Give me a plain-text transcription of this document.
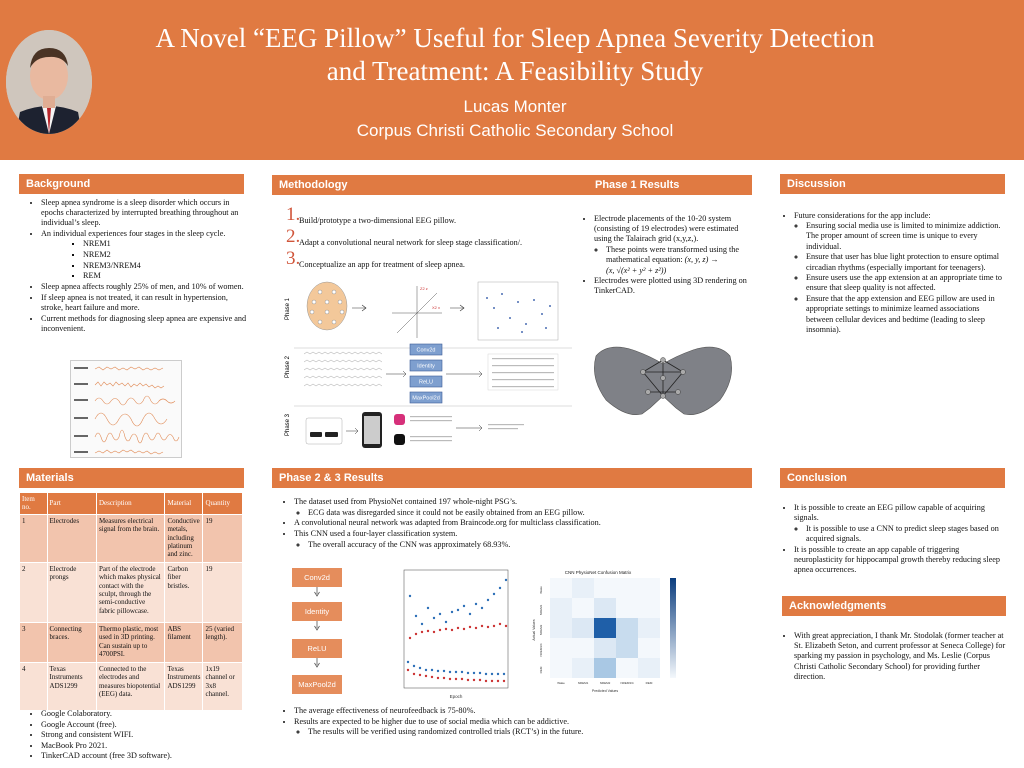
A Novel “EEG Pillow” Useful for Sleep Apnea Severity Detection
and Treatment: A Feasibility Study
Lucas Monter
Corpus Christi Catholic Secondary School
Background
• Sleep apnea syndrome is a sleep disorder which occurs in epochs characterized by interrupted breathing throughout an individual’s sleep.
• An individual experiences four stages in the sleep cycle.
▪ NREM1
▪ NREM2
▪ NREM3/NREM4
▪ REM
• Sleep apnea affects roughly 25% of men, and 10% of women.
• If sleep apnea is not treated, it can result in hypertension, stroke, heart failure and more.
• Current methods for diagnosing sleep apnea are expensive and inconvenient.
Methodology	Phase 1 Results
1.
Build/prototype a two-dimensional EEG pillow.
2.
Adapt a convolutional neural network for sleep stage classification/.
3.
Conceptualize an app for treatment of sleep apnea.
Phase 1
Phase 2
Phase 3
Z2 z
X2 x
Conv2d
Identity
ReLU
MaxPool2d
• Electrode placements of the 10-20 system (consisting of 19 electrodes) were estimated using the Talairach grid (x,y,z,).
◦ These points were transformed using the mathematical equation: (x, y, z) →
(x, √(x² + y² + z²))
• Electrodes were plotted using 3D rendering on TinkerCAD.
Discussion
• Future considerations for the app include:
◦ Ensuring social media use is limited to minimize addiction. The proper amount of screen time is unique to every individual.
◦ Ensure that user has blue light protection to ensure optimal circadian rhythms (especially important for teenagers).
◦ Ensure users use the app extension at an appropriate time to ensure that sleep quality is not affected.
◦ Ensure that the app extension and EEG pillow are used in appropriate settings to minimize learned associations between cellular devices and bedtime (leading to sleep insomnia).
Materials
Item no.	Part	Description	Material	Quantity
1	Electrodes	Measures electrical signal from the brain.	Conductive metals, including platinum and zinc.	19
2	Electrode prongs	Part of the electrode which makes physical contact with the sculpt, through the semi-conductive fabric pillowcase.	Carbon fiber bristles.	19
3	Connecting braces.	Thermo plastic, most used in 3D printing. Can sustain up to 4700PSI.	ABS filament	25 (varied length).
4	Texas Instruments ADS1299	Connected to the electrodes and measures biopotential (EEG) data.	Texas Instruments ADS1299	1x19 channel or 3x8 channel.
• Google Colaboratory.
• Google Account (free).
• Strong and consistent WIFI.
• MacBook Pro 2021.
• TinkerCAD account (free 3D software).
Phase 2 & 3 Results
• The dataset used from PhysioNet contained 197 whole-night PSG’s.
◦ ECG data was disregarded since it could not be easily obtained from an EEG pillow.
• A convolutional neural network was adapted from Braincode.org for multiclass classification.
• This CNN used a four-layer classification system.
◦ The overall accuracy of the CNN was approximately 68.93%.
Conv2d
Identity
ReLU
MaxPool2d
Epoch
CNN PhysioNet Confusion Matrix
Wake
NREM1
NREM2
NREM3/4
REM
Actual Values
Wake	NREM1	NREM2	NREM3/4	REM
Predicted Values
• The average effectiveness of neurofeedback is 75-80%.
• Results are expected to be higher due to use of social media which can be addictive.
◦ The results will be verified using randomized controlled trials (RCT’s) in the future.
Conclusion
• It is possible to create an EEG pillow capable of acquiring signals.
◦ It is possible to use a CNN to predict sleep stages based on acquired signals.
• It is possible to create an app capable of triggering neuroplasticity for hippocampal growth thereby reducing sleep apnea occurrences.
Acknowledgments
• With great appreciation, I thank Mr. Stodolak (former teacher at St. Elizabeth Seton, and current professor at Seneca College) for sparking my passion in psychology, and Ms. Leslie (Corpus Christi Catholic Secondary School) for providing further direction.
